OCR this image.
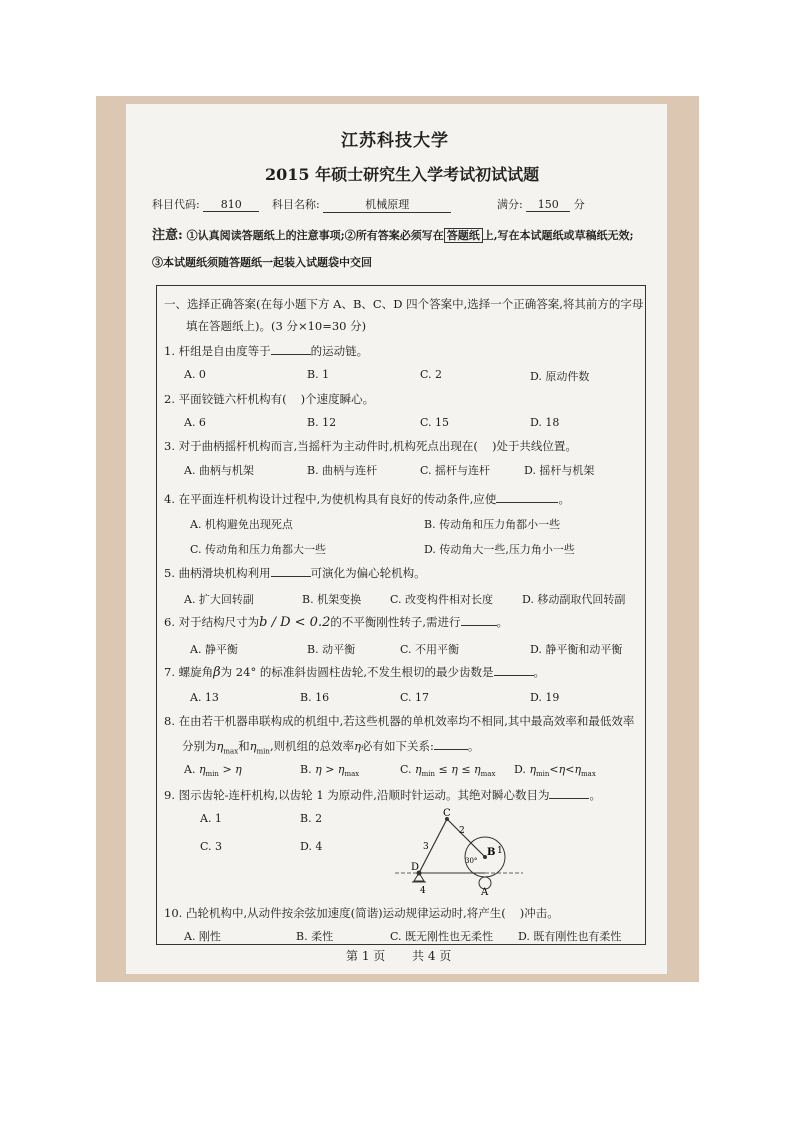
江苏科技大学
2015 年硕士研究生入学考试初试试题
科目代码: 810	科目名称:	机械原理	满分: 150 分
注意: ①认真阅读答题纸上的注意事项;②所有答案必须写在 答题纸 上,写在本试题纸或草稿纸无效;
③本试题纸须随答题纸一起装入试题袋中交回
一、选择正确答案(在每小题下方 A、B、C、D 四个答案中,选择一个正确答案,将其前方的字母
填在答题纸上)。(3 分×10=30 分)
1. 杆组是自由度等于	的运动链。
A. 0	B. 1	C. 2	D. 原动件数
2. 平面铰链六杆机构有( )个速度瞬心。
A. 6	B. 12	C. 15	D. 18
3. 对于曲柄摇杆机构而言,当摇杆为主动件时,机构死点出现在( )处于共线位置。
A. 曲柄与机架	B. 曲柄与连杆	C. 摇杆与连杆	D. 摇杆与机架
4. 在平面连杆机构设计过程中,为使机构具有良好的传动条件,应使	。
A. 机构避免出现死点	B. 传动角和压力角都小一些
C. 传动角和压力角都大一些	D. 传动角大一些,压力角小一些
5. 曲柄滑块机构利用	可演化为偏心轮机构。
A. 扩大回转副	B. 机架变换	C. 改变构件相对长度	D. 移动副取代回转副
6. 对于结构尺寸为b / D < 0.2的不平衡刚性转子,需进行	。
A. 静平衡	B. 动平衡	C. 不用平衡	D. 静平衡和动平衡
7. 螺旋角β为 24° 的标准斜齿圆柱齿轮,不发生根切的最少齿数是	。
A. 13	B. 16	C. 17	D. 19
8. 在由若干机器串联构成的机组中,若这些机器的单机效率均不相同,其中最高效率和最低效率
分别为$\eta_{max}$和$\eta_{min}$,则机组的总效率η必有如下关系:	。
A. $\eta_{min} > \eta$	B. $\eta > \eta_{max}$	C. $\eta_{min} \le \eta \le \eta_{max}$ D. $\eta_{min}<\eta<\eta_{max}$
9. 图示齿轮-连杆机构,以齿轮 1 为原动件,沿顺时针运动。其绝对瞬心数目为	。
A. 1	B. 2
C. 3	D. 4
C
2
3	B 1
30°
D
4	A
10. 凸轮机构中,从动件按余弦加速度(简谐)运动规律运动时,将产生( )冲击。
A. 刚性	B. 柔性	C. 既无刚性也无柔性 D. 既有刚性也有柔性
第 1 页 共 4 页
